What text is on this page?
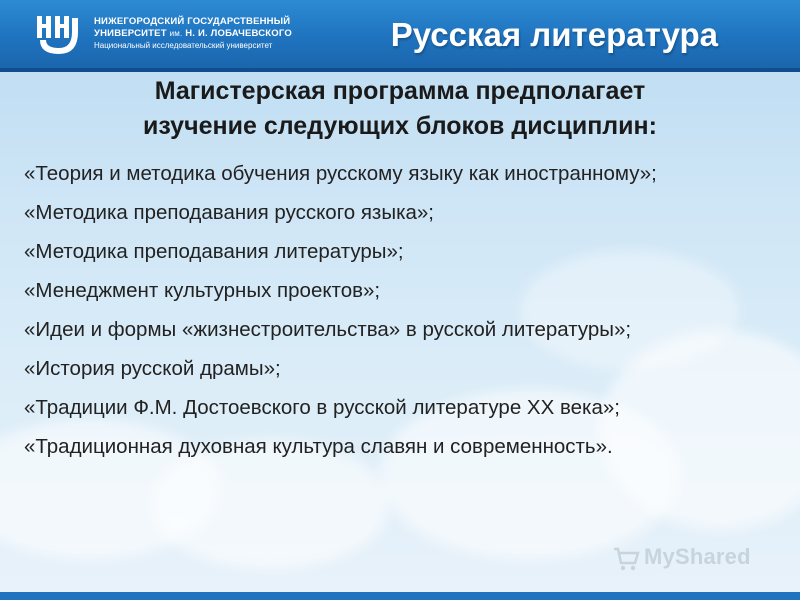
НИЖЕГОРОДСКИЙ ГОСУДАРСТВЕННЫЙ
УНИВЕРСИТЕТ им. Н. И. ЛОБАЧЕВСКОГО
Национальный исследовательский университет	Русская литература
Магистерская программа предполагает
изучение следующих блоков дисциплин:
«Теория и методика обучения русскому языку как иностранному»;
«Методика преподавания русского языка»;
«Методика преподавания литературы»;
«Менеджмент культурных проектов»;
«Идеи и формы «жизнестроительства» в русской литературы»;
«История русской драмы»;
«Традиции Ф.М. Достоевского в русской литературе XX века»;
«Традиционная духовная культура славян и современность».
MyShared
